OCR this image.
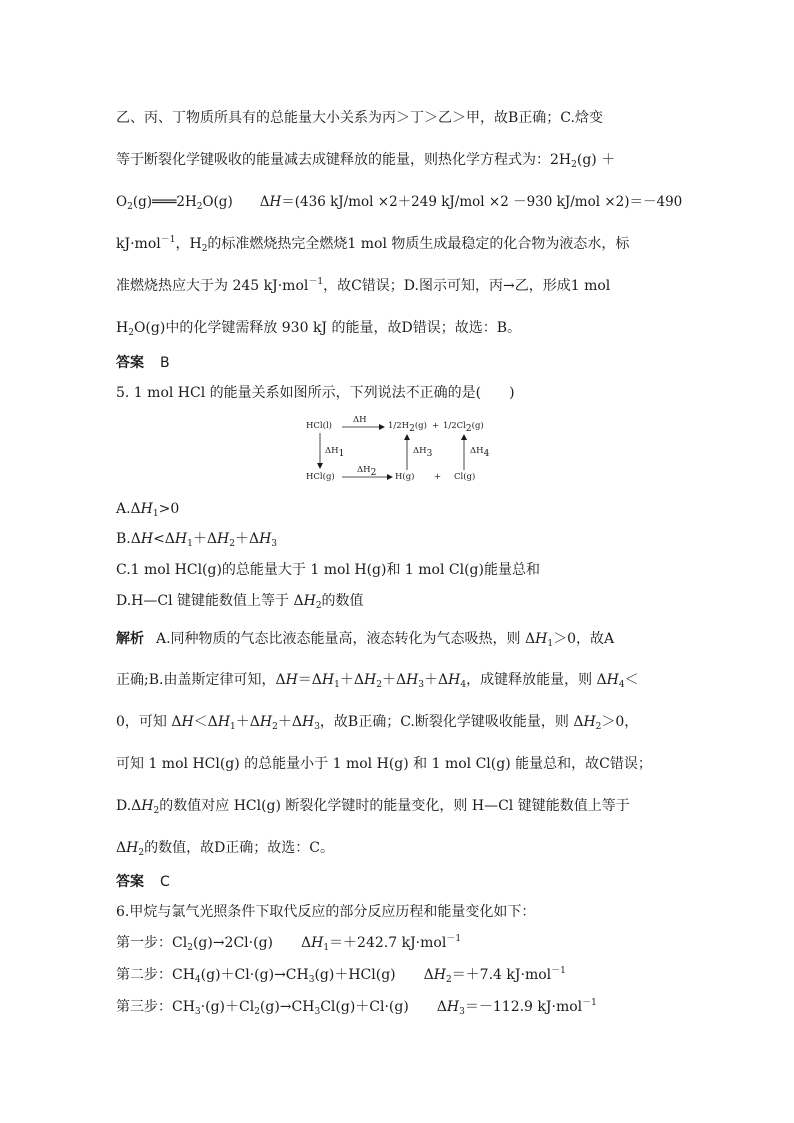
乙、丙、丁物质所具有的总能量大小关系为丙＞丁＞乙＞甲，故B正确；C.焓变
等于断裂化学键吸收的能量减去成键释放的能量，则热化学方程式为：$2H_2(g)$ ＋
$O_2(g)═══2H_2O(g)$　　ΔH＝(436 kJ/mol ×2＋249 kJ/mol ×2 －930 kJ/mol ×2)＝－490
kJ·mol$^{-1}$，$H_2$的标准燃烧热完全燃烧1 mol 物质生成最稳定的化合物为液态水，标
准燃烧热应大于为 245 kJ·mol$^{-1}$，故C错误；D.图示可知，丙→乙，形成1 mol
$H_2O(g)$中的化学键需释放 930 kJ 的能量，故D错误；故选：B。
答案 B
5. 1 mol HCl 的能量关系如图所示，下列说法不正确的是(　　)
HCl(l)
ΔH
$1/2H_2(g) + 1/2Cl_2(g)$
$\Delta H_1$	$\Delta H_3$	$\Delta H_4$
HCl(g)
$\Delta H_2$ H(g) + Cl(g)
$A.\Delta H_1>0$
$B.\Delta H<\Delta H_1+\Delta H_2+\Delta H_3$
C.1 mol HCl(g)的总能量大于 1 mol H(g)和 1 mol Cl(g)能量总和
D.H—Cl 键键能数值上等于 $\Delta H_2$的数值
解析 A.同种物质的气态比液态能量高，液态转化为气态吸热，则 $\Delta H_1>0$，故A
正确;B.由盖斯定律可知，$\Delta H=\Delta H_1+\Delta H_2+\Delta H_3+\Delta H_4$，成键释放能量，则 $\Delta H_4<$
0，可知 $\Delta H<\Delta H_1+\Delta H_2+\Delta H_3$，故B正确；C.断裂化学键吸收能量，则 $\Delta H_2>0$，
可知 1 mol HCl(g) 的总能量小于 1 mol H(g) 和 1 mol Cl(g) 能量总和，故C错误；
$D.\Delta H_2$的数值对应 HCl(g) 断裂化学键时的能量变化，则 H—Cl 键键能数值上等于
$\Delta H_2$的数值，故D正确；故选：C。
答案 C
6.甲烷与氯气光照条件下取代反应的部分反应历程和能量变化如下：
第一步：$Cl_2(g)\to 2Cl\cdot(g)$　　$\Delta H_1=+242.7$ kJ·mol$^{-1}$
第二步：$CH_4(g)+Cl\cdot(g)\to CH_3(g)+HCl(g)$　　$\Delta H_2=+7.4$ kJ·mol$^{-1}$
第三步：$CH_3\cdot(g)+Cl_2(g)\to CH_3Cl(g)+Cl\cdot(g)$　　$\Delta H_3=-112.9$ kJ·mol$^{-1}$
